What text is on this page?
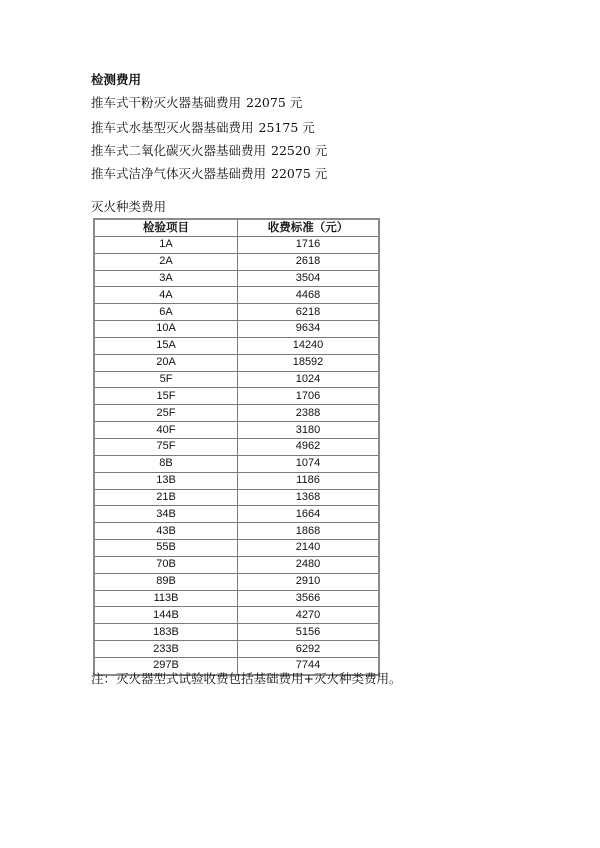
检测费用
推车式干粉灭火器基础费用 22075 元
推车式水基型灭火器基础费用 25175 元
推车式二氧化碳灭火器基础费用 22520 元
推车式洁净气体灭火器基础费用 22075 元
灭火种类费用
检验项目	收费标准（元）
1A	1716
2A	2618
3A	3504
4A	4468
6A	6218
10A	9634
15A	14240
20A	18592
5F	1024
15F	1706
25F	2388
40F	3180
75F	4962
8B	1074
13B	1186
21B	1368
34B	1664
43B	1868
55B	2140
70B	2480
89B	2910
113B	3566
144B	4270
183B	5156
233B	6292
297B	7744
注：灭火器型式试验收费包括基础费用+灭火种类费用。
